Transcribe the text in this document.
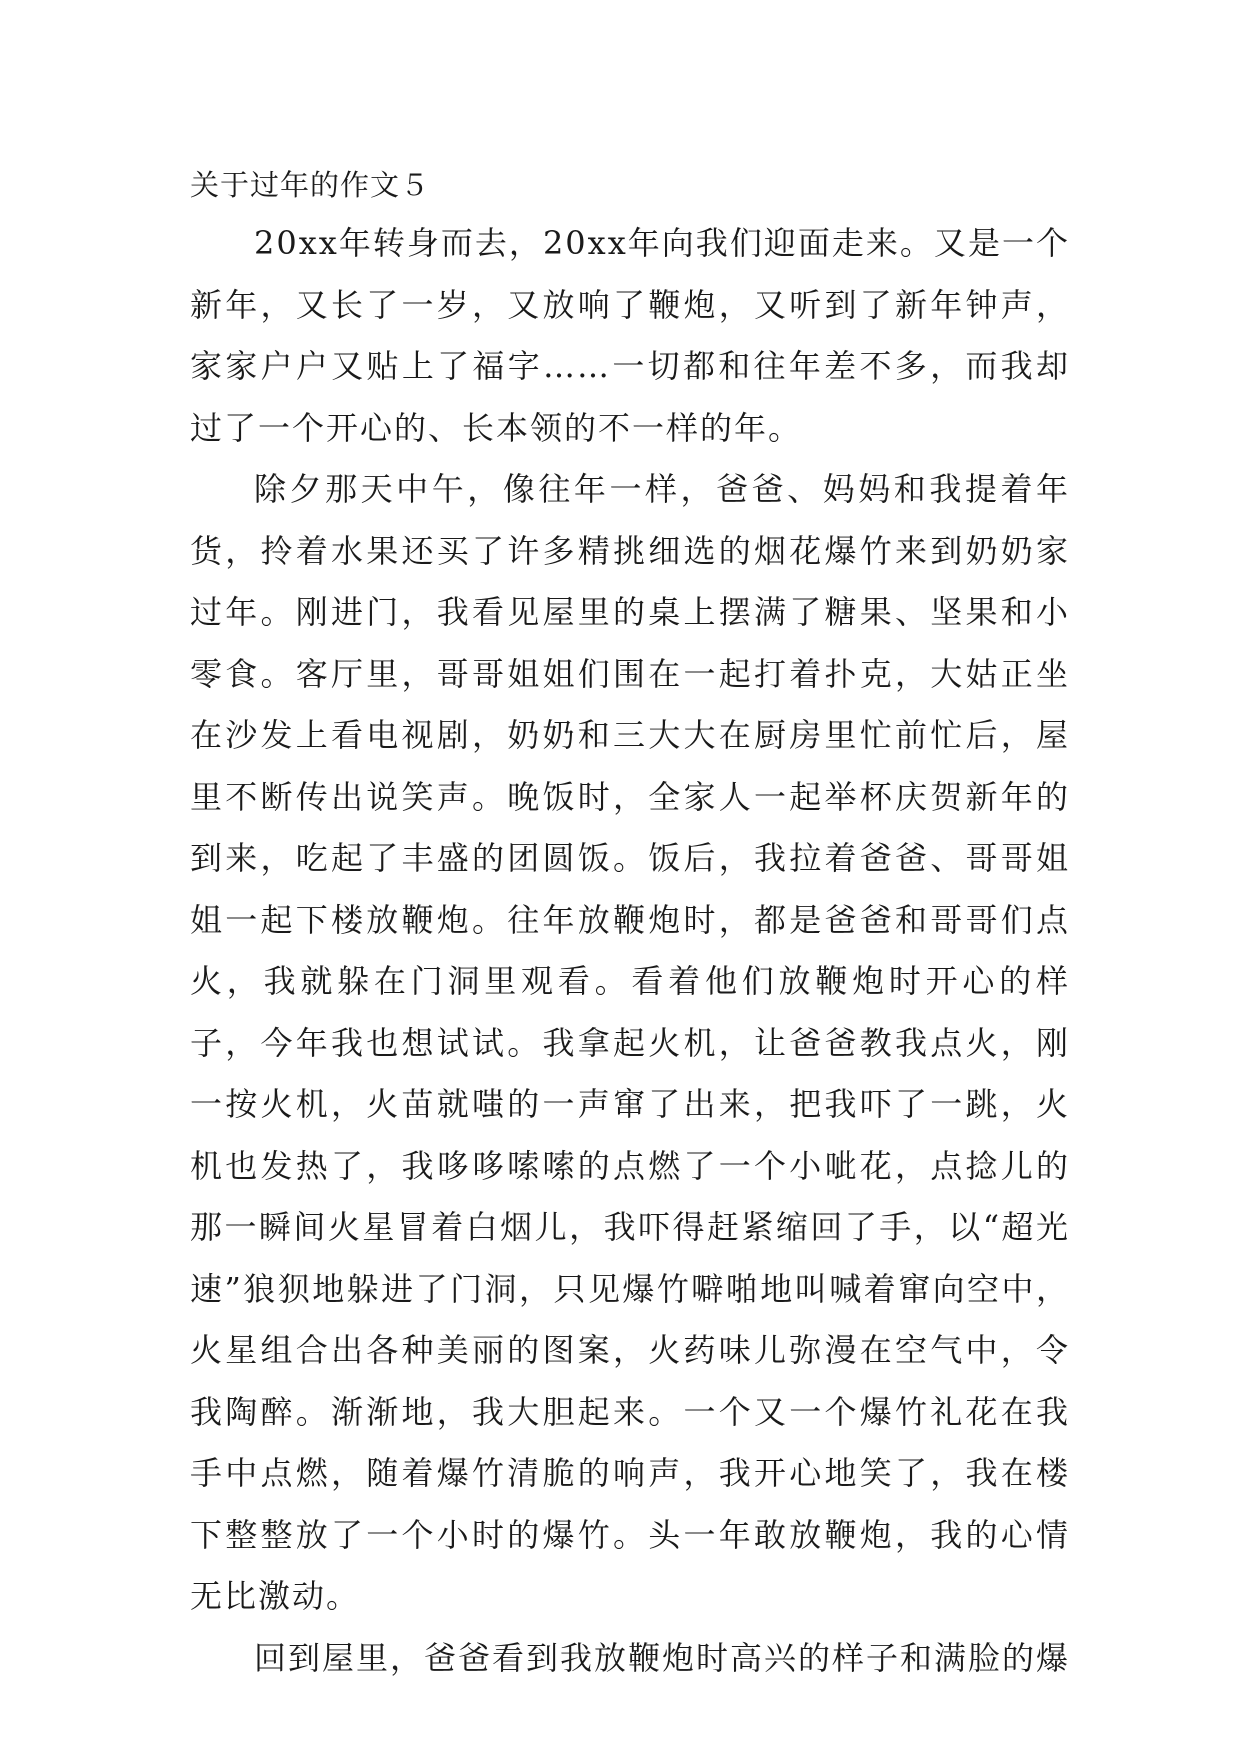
关于过年的作文５

20xx年转身而去，20xx年向我们迎面走来。又是一个新年，又长了一岁，又放响了鞭炮，又听到了新年钟声，家家户户又贴上了福字……一切都和往年差不多，而我却过了一个开心的、长本领的不一样的年。

除夕那天中午，像往年一样，爸爸、妈妈和我提着年货，拎着水果还买了许多精挑细选的烟花爆竹来到奶奶家过年。刚进门，我看见屋里的桌上摆满了糖果、坚果和小零食。客厅里，哥哥姐姐们围在一起打着扑克，大姑正坐在沙发上看电视剧，奶奶和三大大在厨房里忙前忙后，屋里不断传出说笑声。晚饭时，全家人一起举杯庆贺新年的到来，吃起了丰盛的团圆饭。饭后，我拉着爸爸、哥哥姐姐一起下楼放鞭炮。往年放鞭炮时，都是爸爸和哥哥们点火，我就躲在门洞里观看。看着他们放鞭炮时开心的样子，今年我也想试试。我拿起火机，让爸爸教我点火，刚一按火机，火苗就嗤的一声窜了出来，把我吓了一跳，火机也发热了，我哆哆嗦嗦的点燃了一个小呲花，点捻儿的那一瞬间火星冒着白烟儿，我吓得赶紧缩回了手，以“超光速”狼狈地躲进了门洞，只见爆竹噼啪地叫喊着窜向空中，火星组合出各种美丽的图案，火药味儿弥漫在空气中，令我陶醉。渐渐地，我大胆起来。一个又一个爆竹礼花在我手中点燃，随着爆竹清脆的响声，我开心地笑了，我在楼下整整放了一个小时的爆竹。头一年敢放鞭炮，我的心情无比激动。

回到屋里，爸爸看到我放鞭炮时高兴的样子和满脸的爆
